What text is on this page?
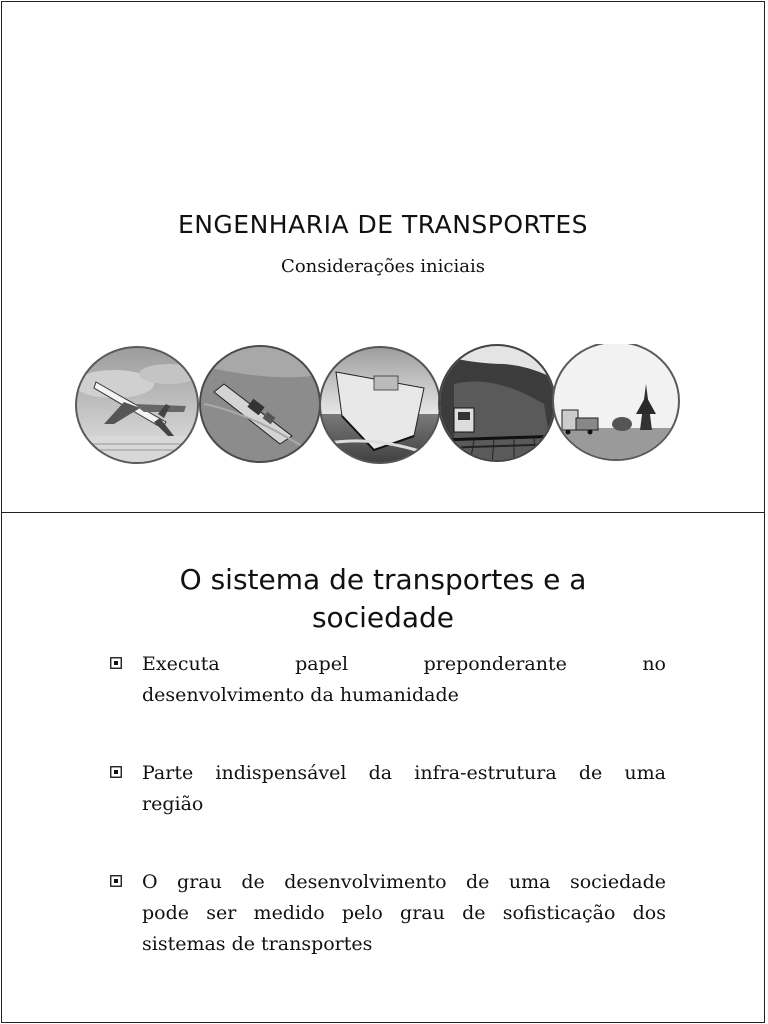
ENGENHARIA DE TRANSPORTES
Considerações iniciais
O sistema de transportes e a
sociedade
Executa papel preponderante no
desenvolvimento da humanidade
Parte indispensável da infra-estrutura de uma
região
O grau de desenvolvimento de uma sociedade
pode ser medido pelo grau de sofisticação dos
sistemas de transportes
